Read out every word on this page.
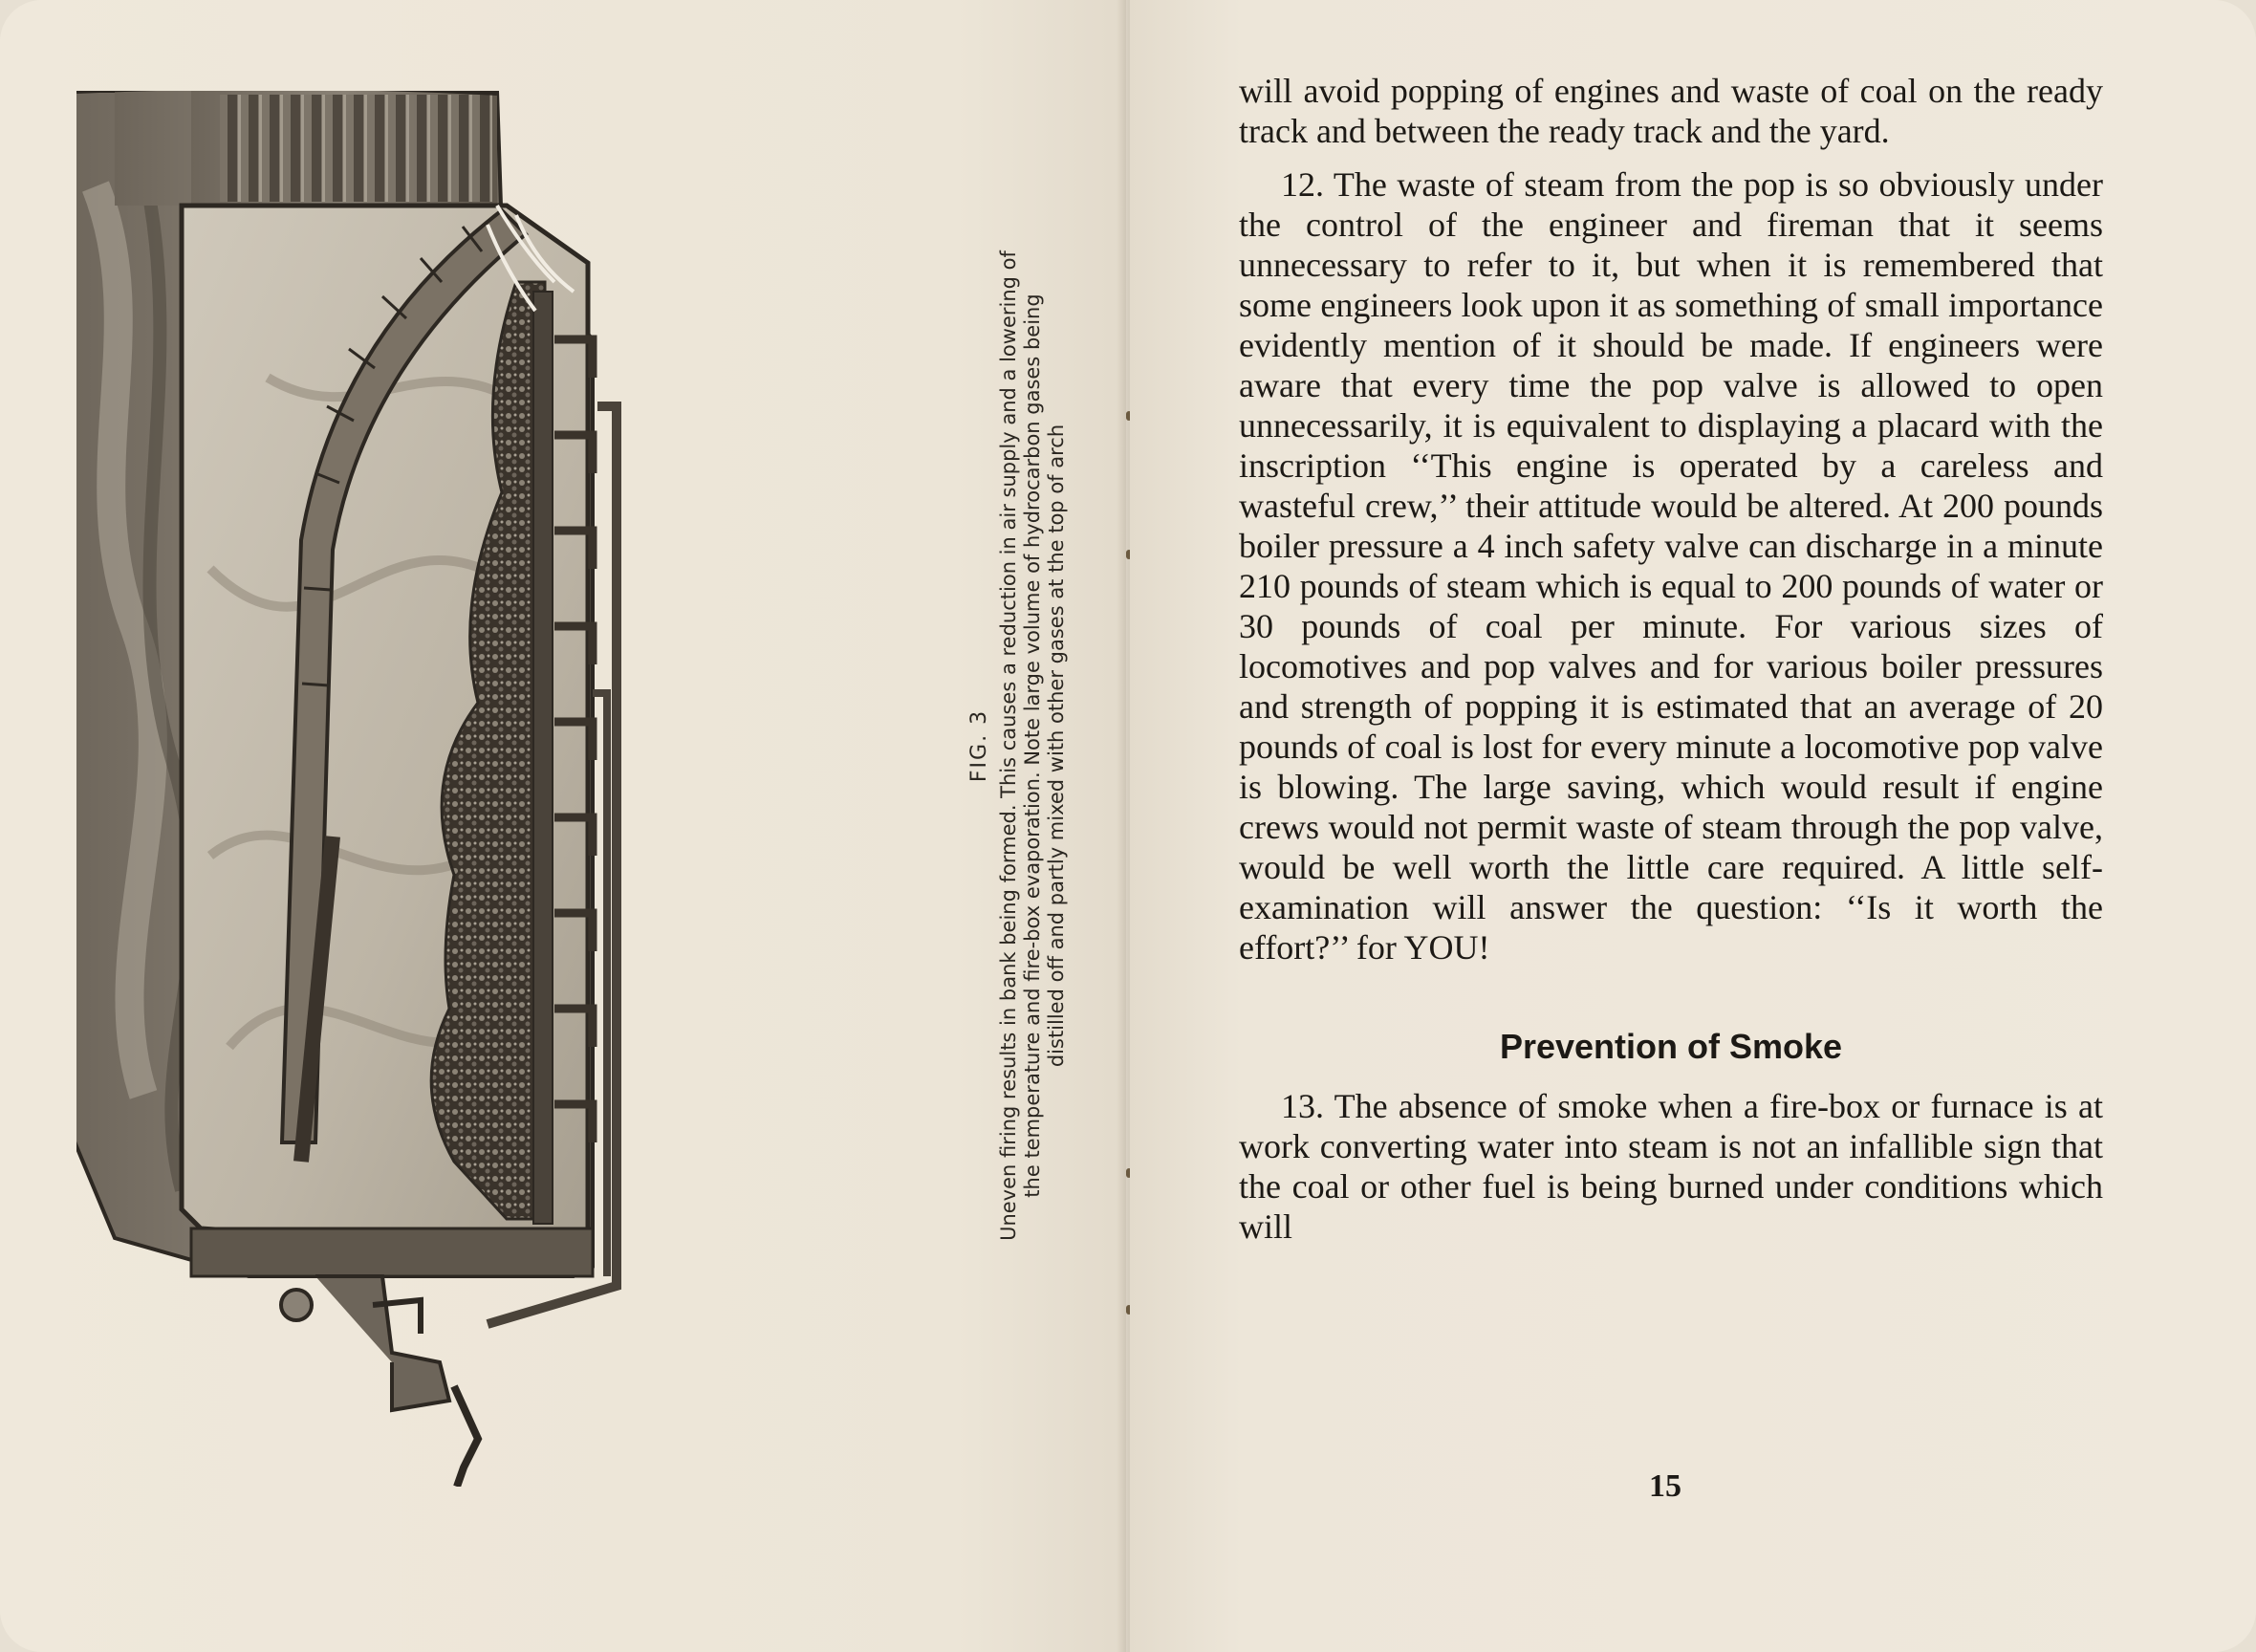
FIG. 3 Uneven firing results in bank being formed. This causes a reduction in air supply and a lowering of the temperature and fire-box evaporation. Note large volume of hydrocarbon gases being distilled off and partly mixed with other gases at the top of arch

will avoid popping of engines and waste of coal on the ready track and between the ready track and the yard.

12. The waste of steam from the pop is so obviously under the control of the engineer and fireman that it seems unnecessary to refer to it, but when it is remembered that some engineers look upon it as something of small importance evidently mention of it should be made. If engineers were aware that every time the pop valve is allowed to open unnecessarily, it is equivalent to displaying a placard with the inscription ‘‘This engine is operated by a careless and wasteful crew,’’ their attitude would be altered. At 200 pounds boiler pressure a 4 inch safety valve can discharge in a minute 210 pounds of steam which is equal to 200 pounds of water or 30 pounds of coal per minute. For various sizes of locomotives and pop valves and for various boiler pressures and strength of popping it is estimated that an average of 20 pounds of coal is lost for every minute a locomotive pop valve is blowing. The large saving, which would result if engine crews would not permit waste of steam through the pop valve, would be well worth the little care required. A little self-examination will answer the question: ‘‘Is it worth the effort?’’ for YOU!

Prevention of Smoke

13. The absence of smoke when a fire-box or furnace is at work converting water into steam is not an infallible sign that the coal or other fuel is being burned under conditions which will

15
